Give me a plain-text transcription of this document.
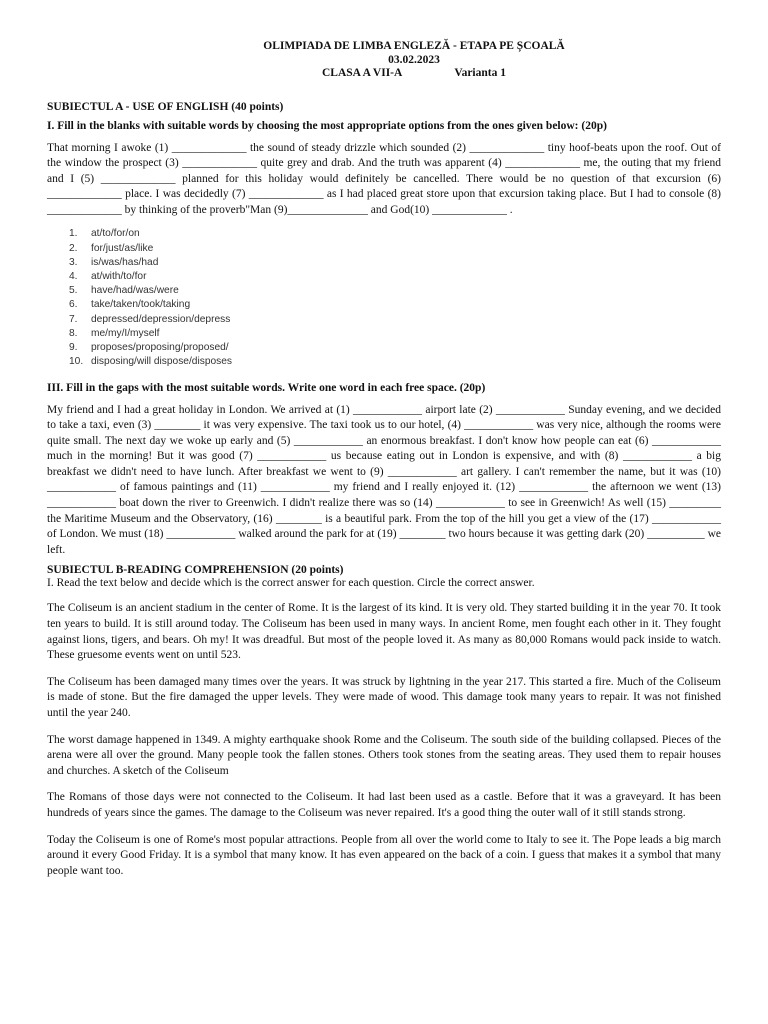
OLIMPIADA DE LIMBA ENGLEZĂ - ETAPA PE ȘCOALĂ
03.02.2023
CLASA A VII-A	Varianta 1
SUBIECTUL A - USE OF ENGLISH (40 points)
I. Fill in the blanks with suitable words by choosing the most appropriate options from the ones given below: (20p)

That morning I awoke (1) _____________ the sound of steady drizzle which sounded (2) _____________ tiny hoof-beats upon the roof. Out of the window the prospect (3) _____________ quite grey and drab. And the truth was apparent (4) _____________ me, the outing that my friend and I (5) _____________ planned for this holiday would definitely be cancelled. There would be no question of that excursion (6) _____________ place. I was decidedly (7) _____________ as I had placed great store upon that excursion taking place. But I had to console (8) _____________ by thinking of the proverb"Man (9)______________ and God(10) _____________ .

1.	at/to/for/on
2.	for/just/as/like
3.	is/was/has/had
4.	at/with/to/for
5.	have/had/was/were
6.	take/taken/took/taking
7.	depressed/depression/depress
8.	me/my/I/myself
9.	proposes/proposing/proposed/
10. disposing/will dispose/disposes
III. Fill in the gaps with the most suitable words. Write one word in each free space. (20p)

My friend and I had a great holiday in London. We arrived at (1) ____________ airport late (2) ____________ Sunday evening, and we decided to take a taxi, even (3) ________ it was very expensive. The taxi took us to our hotel, (4) ____________ was very nice, although the rooms were quite small. The next day we woke up early and (5) ____________ an enormous breakfast. I don't know how people can eat (6) ____________ much in the morning! But it was good (7) ____________ us because eating out in London is expensive, and with (8) ____________ a big breakfast we didn't need to have lunch. After breakfast we went to (9) ____________ art gallery. I can't remember the name, but it was (10) ____________ of famous paintings and (11) ____________ my friend and I really enjoyed it. (12) ____________ the afternoon we went (13) ____________ boat down the river to Greenwich. I didn't realize there was so (14) ____________ to see in Greenwich! As well (15) _________ the Maritime Museum and the Observatory, (16) ________ is a beautiful park. From the top of the hill you get a view of the (17) ____________ of London. We must (18) ____________ walked around the park for at (19) ________ two hours because it was getting dark (20) __________ we left.

SUBIECTUL B-READING COMPREHENSION (20 points)

I. Read the text below and decide which is the correct answer for each question. Circle the correct answer.

The Coliseum is an ancient stadium in the center of Rome. It is the largest of its kind. It is very old. They started building it in the year 70. It took ten years to build. It is still around today. The Coliseum has been used in many ways. In ancient Rome, men fought each other in it. They fought against lions, tigers, and bears. Oh my! It was dreadful. But most of the people loved it. As many as 80,000 Romans would pack inside to watch. These gruesome events went on until 523.

The Coliseum has been damaged many times over the years. It was struck by lightning in the year 217. This started a fire. Much of the Coliseum is made of stone. But the fire damaged the upper levels. They were made of wood. This damage took many years to repair. It was not finished until the year 240.

The worst damage happened in 1349. A mighty earthquake shook Rome and the Coliseum. The south side of the building collapsed. Pieces of the arena were all over the ground. Many people took the fallen stones. Others took stones from the seating areas. They used them to repair houses and churches. A sketch of the Coliseum

The Romans of those days were not connected to the Coliseum. It had last been used as a castle. Before that it was a graveyard. It has been hundreds of years since the games. The damage to the Coliseum was never repaired. It's a good thing the outer wall of it still stands strong.

Today the Coliseum is one of Rome's most popular attractions. People from all over the world come to Italy to see it. The Pope leads a big march around it every Good Friday. It is a symbol that many know. It has even appeared on the back of a coin. I guess that makes it a symbol that many people want too.
